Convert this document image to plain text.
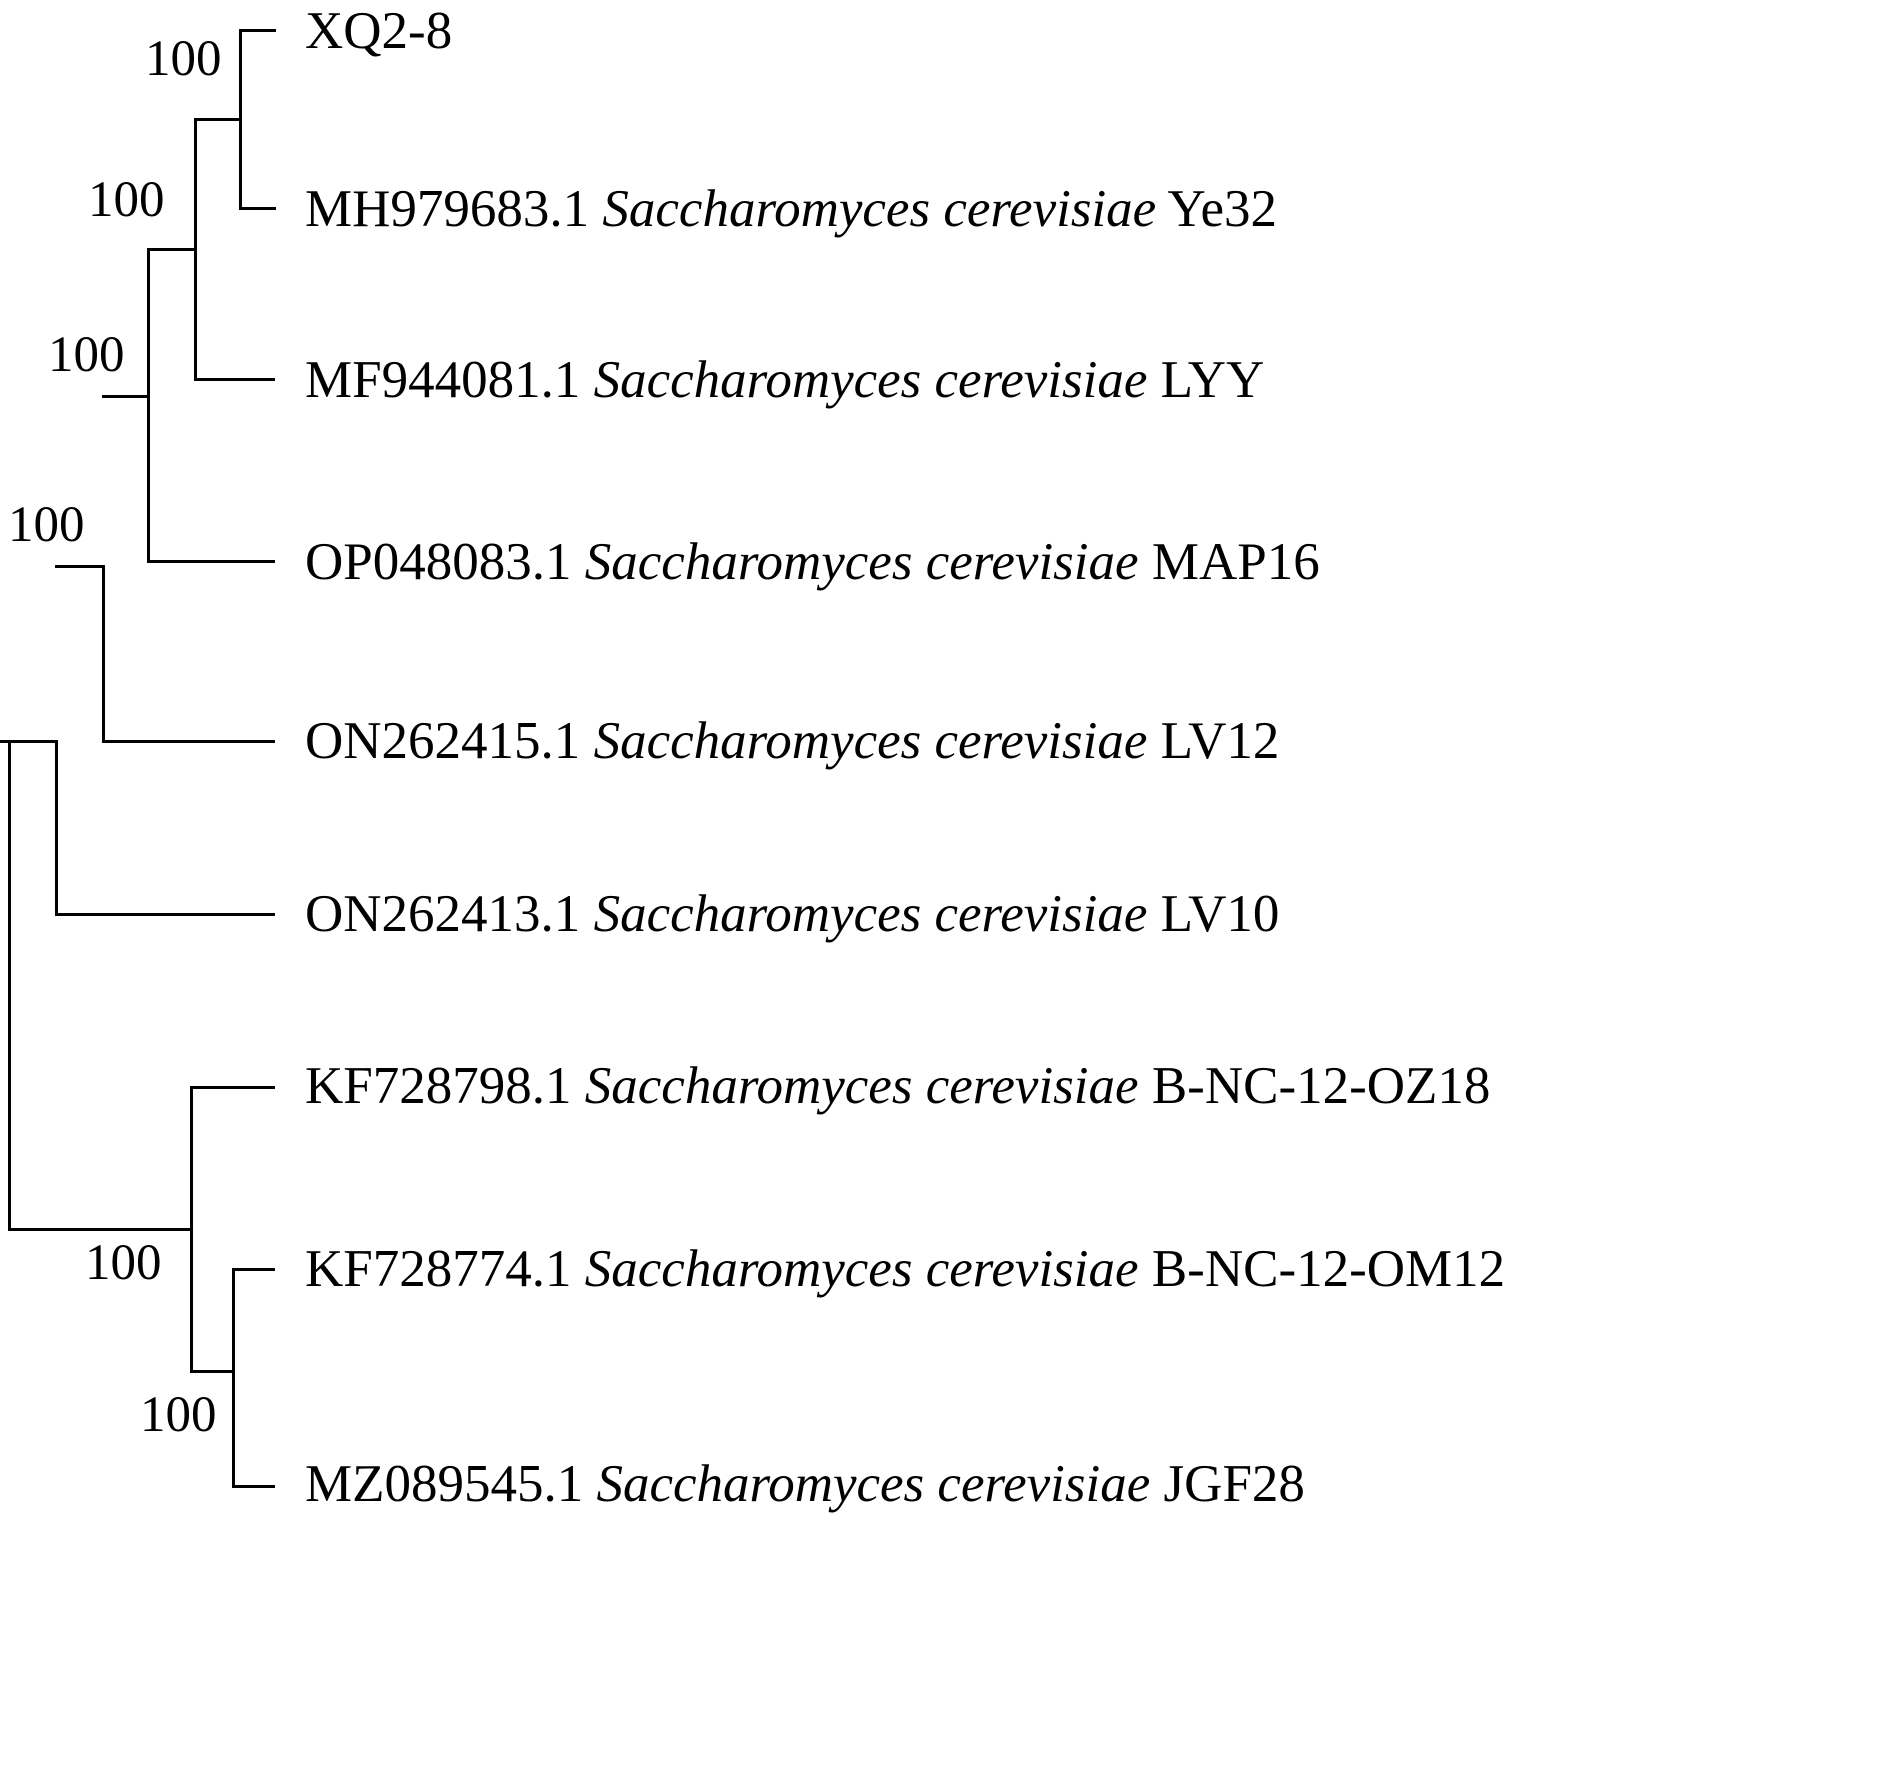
XQ2-8
MH979683.1 Saccharomyces cerevisiae Ye32
MF944081.1 Saccharomyces cerevisiae LYY
OP048083.1 Saccharomyces cerevisiae MAP16
ON262415.1 Saccharomyces cerevisiae LV12
ON262413.1 Saccharomyces cerevisiae LV10
KF728798.1 Saccharomyces cerevisiae B-NC-12-OZ18
KF728774.1 Saccharomyces cerevisiae B-NC-12-OM12
MZ089545.1 Saccharomyces cerevisiae JGF28
100
100
100
100
100
100
